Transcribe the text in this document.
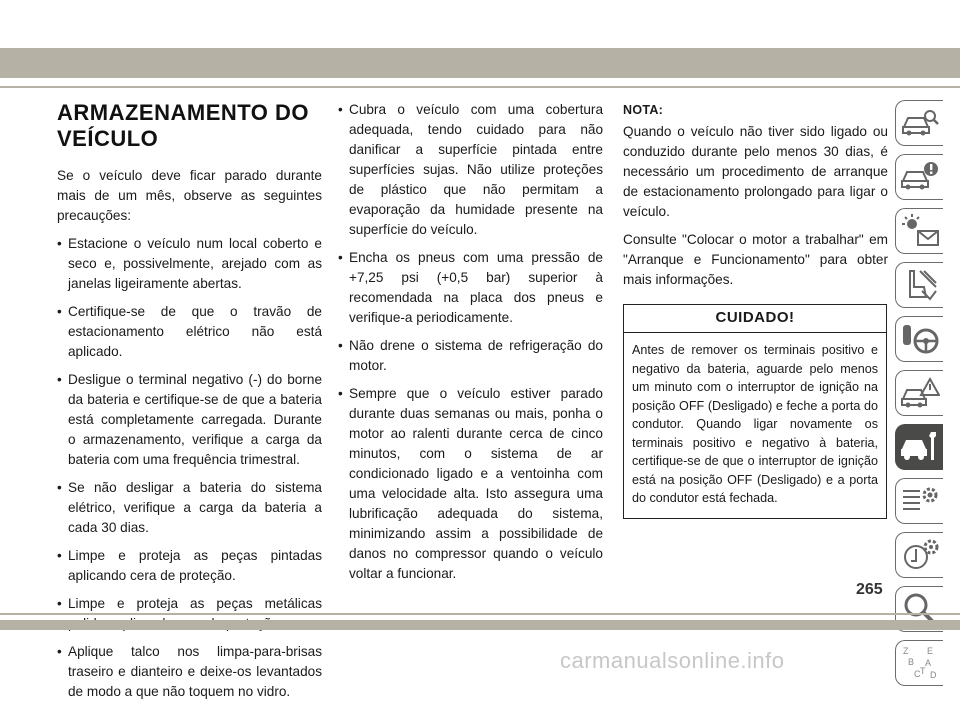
ARMAZENAMENTO DO
VEÍCULO

Se o veículo deve ficar parado durante mais de um mês, observe as seguintes precauções:

• Estacione o veículo num local coberto e seco e, possivelmente, arejado com as janelas ligeiramente abertas.
• Certifique-se de que o travão de estacionamento elétrico não está aplicado.
• Desligue o terminal negativo (-) do borne da bateria e certifique-se de que a bateria está completamente carregada. Durante o armazenamento, verifique a carga da bateria com uma frequência trimestral.
• Se não desligar a bateria do sistema elétrico, verifique a carga da bateria a cada 30 dias.
• Limpe e proteja as peças pintadas aplicando cera de proteção.
• Limpe e proteja as peças metálicas
• Aplique talco nos limpa-para-brisas traseiro e dianteiro e deixe-os levantados de modo a que não toquem no vidro.
• Cubra o veículo com uma cobertura adequada, tendo cuidado para não danificar a superfície pintada entre superfícies sujas. Não utilize proteções de plástico que não permitam a evaporação da humidade presente na superfície do veículo.
• Encha os pneus com uma pressão de +7,25 psi (+0,5 bar) superior à recomendada na placa dos pneus e verifique-a periodicamente.
• Não drene o sistema de refrigeração do motor.
• Sempre que o veículo estiver parado durante duas semanas ou mais, ponha o motor ao ralenti durante cerca de cinco minutos, com o sistema de ar condicionado ligado e a ventoinha com uma velocidade alta. Isto assegura uma lubrificação adequada do sistema, minimizando assim a possibilidade de danos no compressor quando o veículo voltar a funcionar.
NOTA:

Quando o veículo não tiver sido ligado ou conduzido durante pelo menos 30 dias, é necessário um procedimento de arranque de estacionamento prolongado para ligar o veículo.

Consulte "Colocar o motor a trabalhar" em "Arranque e Funcionamento" para obter mais informações.

CUIDADO!
Antes de remover os terminais positivo e negativo da bateria, aguarde pelo menos um minuto com o interruptor de ignição na posição OFF (Desligado) e feche a porta do condutor. Quando ligar novamente os terminais positivo e negativo à bateria, certifique-se de que o interruptor de ignição está na posição OFF (Desligado) e a porta do condutor está fechada.
Z E
B A
C D
T
265
carmanualsonline.info
